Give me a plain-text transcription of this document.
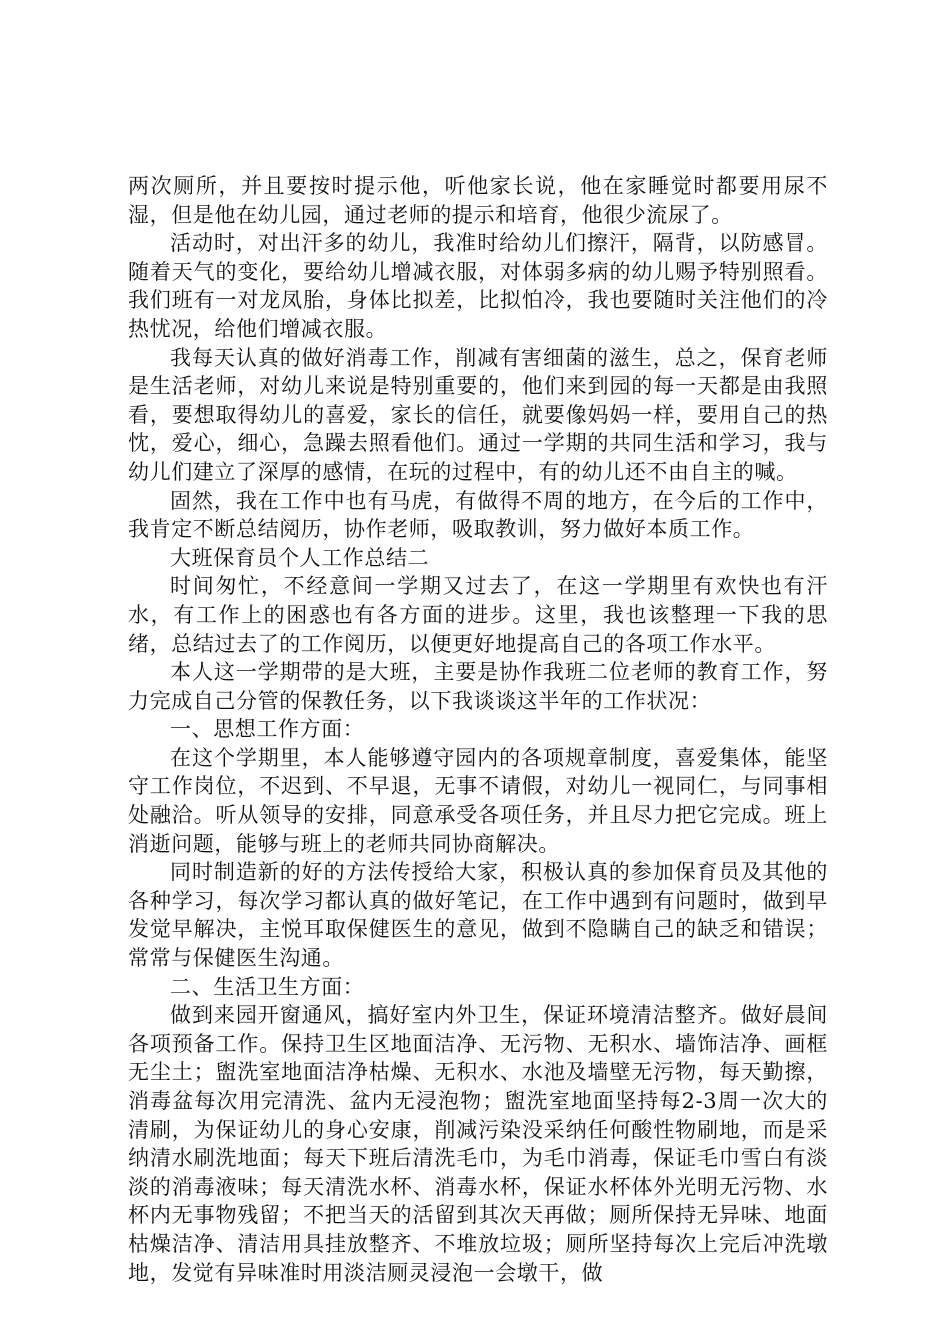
两次厕所，并且要按时提示他，听他家长说，他在家睡觉时都要用尿不湿，但是他在幼儿园，通过老师的提示和培育，他很少流尿了。

活动时，对出汗多的幼儿，我准时给幼儿们擦汗，隔背，以防感冒。随着天气的变化，要给幼儿增减衣服，对体弱多病的幼儿赐予特别照看。我们班有一对龙凤胎，身体比拟差，比拟怕冷，我也要随时关注他们的冷热忧况，给他们增减衣服。

我每天认真的做好消毒工作，削减有害细菌的滋生，总之，保育老师是生活老师，对幼儿来说是特别重要的，他们来到园的每一天都是由我照看，要想取得幼儿的喜爱，家长的信任，就要像妈妈一样，要用自己的热忱，爱心，细心，急躁去照看他们。通过一学期的共同生活和学习，我与幼儿们建立了深厚的感情，在玩的过程中，有的幼儿还不由自主的喊。

固然，我在工作中也有马虎，有做得不周的地方，在今后的工作中，我肯定不断总结阅历，协作老师，吸取教训，努力做好本质工作。

大班保育员个人工作总结二

时间匆忙，不经意间一学期又过去了，在这一学期里有欢快也有汗水，有工作上的困惑也有各方面的进步。这里，我也该整理一下我的思绪，总结过去了的工作阅历，以便更好地提高自己的各项工作水平。

本人这一学期带的是大班，主要是协作我班二位老师的教育工作，努力完成自己分管的保教任务，以下我谈谈这半年的工作状况：

一、思想工作方面：

在这个学期里，本人能够遵守园内的各项规章制度，喜爱集体，能坚守工作岗位，不迟到、不早退，无事不请假，对幼儿一视同仁，与同事相处融洽。听从领导的安排，同意承受各项任务，并且尽力把它完成。班上消逝问题，能够与班上的老师共同协商解决。

同时制造新的好的方法传授给大家，积极认真的参加保育员及其他的各种学习，每次学习都认真的做好笔记，在工作中遇到有问题时，做到早发觉早解决，主悦耳取保健医生的意见，做到不隐瞒自己的缺乏和错误；常常与保健医生沟通。

二、生活卫生方面：

做到来园开窗通风，搞好室内外卫生，保证环境清洁整齐。做好晨间各项预备工作。保持卫生区地面洁净、无污物、无积水、墙饰洁净、画框无尘土；盥洗室地面洁净枯燥、无积水、水池及墙壁无污物，每天勤擦，消毒盆每次用完清洗、盆内无浸泡物；盥洗室地面坚持每2-3周一次大的清刷，为保证幼儿的身心安康，削减污染没采纳任何酸性物刷地，而是采纳清水刷洗地面；每天下班后清洗毛巾，为毛巾消毒，保证毛巾雪白有淡淡的消毒液味；每天清洗水杯、消毒水杯，保证水杯体外光明无污物、水杯内无事物残留；不把当天的活留到其次天再做；厕所保持无异味、地面枯燥洁净、清洁用具挂放整齐、不堆放垃圾；厕所坚持每次上完后冲洗墩地，发觉有异味准时用淡洁厕灵浸泡一会墩干，做
